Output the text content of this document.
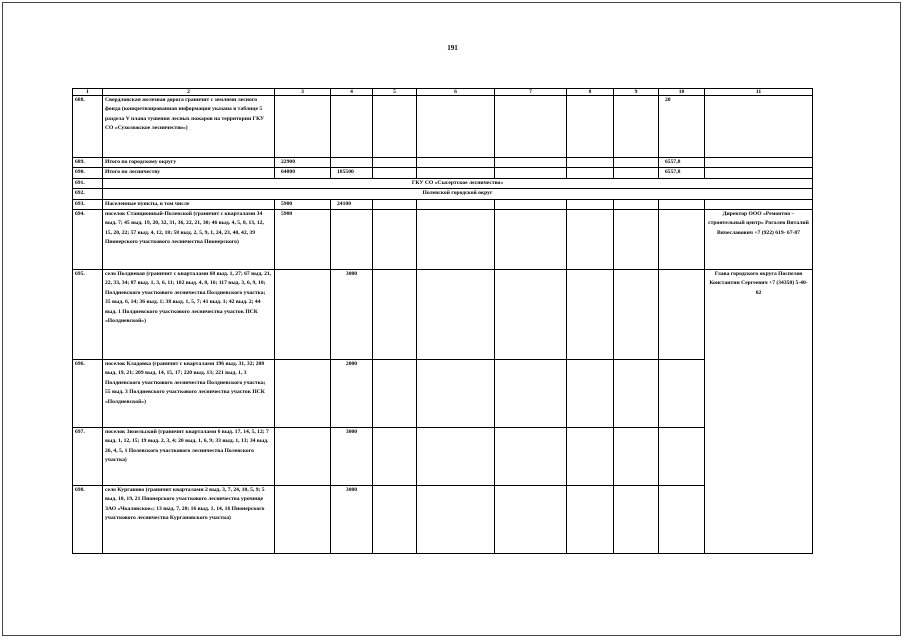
191
1	2	3	4	5	6	7	8	9	10	11
688.	Свердловская железная дорога граничит с землями лесного фонда (конкретизированная информация указана в таблице 5 раздела V плана тушения лесных пожаров на территории ГКУ СО «Сухоложское лесничество»)								20	
689.	Итого по городскому округу	22900							6557,8	
690.	Итого по лесничеству	64800	185500						6557,8	
691.	ГКУ СО «Сысертское лесничество»									
692.	Полевской городской округ									
693.	Населенные пункты, в том числе	5900	24100							
694.	поселок Станционный-Полевской (граничит с кварталами 34 выд. 7; 45 выд. 19, 20, 32, 31, 36, 22, 21, 30; 46 выд. 4, 5, 8, 13, 12, 15, 20, 22; 57 выд. 4, 12, 18; 58 выд. 2, 5, 9, 1, 24, 23, 40, 42, 39 Пионерского участкового лесничества Пионерского)	5900								Директор ООО «Ремонтно – строительный центр» Рогалев Виталий Вячеславович +7 (922) 619- 67-87
695.	село Полдневая (граничит с кварталами 68 выд. 1, 27; 67 выд. 21, 22, 33, 34; 87 выд. 1, 3, 6, 11; 102 выд. 4, 8, 16; 117 выд. 3, 6, 9, 10; Полдневского участкового лесничества Полдневского участка; 35 выд. 6, 14; 36 выд. 1; 38 выд. 1, 5, 7; 41 выд. 1; 42 выд. 2; 44 выд. 1 Полдневского участкового лесничества участок ПСК «Полдневской»)		3000							Глава городского округа Поспелов Константин Сергеевич +7 (34350) 5-40-02
696.	поселок Кладовка (граничит с кварталами 196 выд. 31, 32; 208 выд. 19, 21; 209 выд. 14, 15, 17; 220 выд. 13; 221 выд. 1, 3 Полдневского участкового лесничества Полдневского участка; 55 выд. 3 Полдневского участкового лесничества участок ПСК «Полдневской»)		2000							
697.	поселок Зюзельский (граничит кварталами 6 выд. 17, 14, 5, 12; 7 выд. 1, 12, 15; 19 выд. 2, 3, 4; 20 выд. 1, 6, 9; 33 выд. 1, 13; 34 выд. 26, 4, 5, 1 Полевского участкового лесничества Полевского участка)		3000							
698.	село Курганово (граничит кварталами 2 выд. 3, 7, 24, 10, 5, 9; 5 выд. 10, 19, 21 Пионерского участкового лесничества урочище ЗАО «Чкаловское»; 13 выд. 7, 20; 16 выд. 1, 14, 16 Пионерского участкового лесничества Кургановского участка)		3000							
